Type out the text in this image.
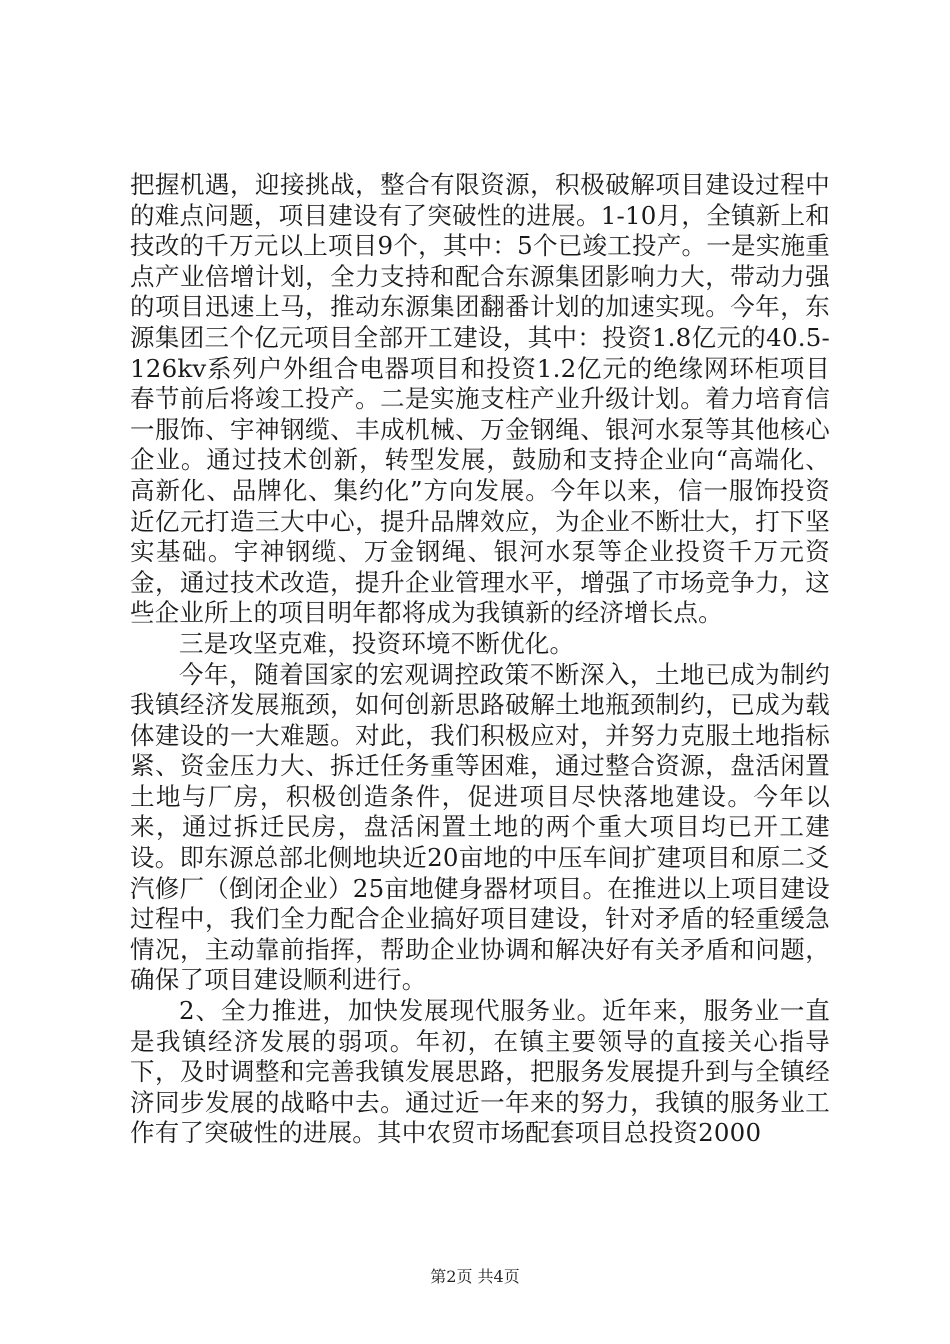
把握机遇，迎接挑战，整合有限资源，积极破解项目建设过程中的难点问题，项目建设有了突破性的进展。1-10月，全镇新上和技改的千万元以上项目9个，其中：5个已竣工投产。一是实施重点产业倍增计划，全力支持和配合东源集团影响力大，带动力强的项目迅速上马，推动东源集团翻番计划的加速实现。今年，东源集团三个亿元项目全部开工建设，其中：投资1.8亿元的40.5-126kv系列户外组合电器项目和投资1.2亿元的绝缘网环柜项目春节前后将竣工投产。二是实施支柱产业升级计划。着力培育信一服饰、宇神钢缆、丰成机械、万金钢绳、银河水泵等其他核心企业。通过技术创新，转型发展，鼓励和支持企业向“高端化、高新化、品牌化、集约化”方向发展。今年以来，信一服饰投资近亿元打造三大中心，提升品牌效应，为企业不断壮大，打下坚实基础。宇神钢缆、万金钢绳、银河水泵等企业投资千万元资金，通过技术改造，提升企业管理水平，增强了市场竞争力，这些企业所上的项目明年都将成为我镇新的经济增长点。

三是攻坚克难，投资环境不断优化。

今年，随着国家的宏观调控政策不断深入，土地已成为制约我镇经济发展瓶颈，如何创新思路破解土地瓶颈制约，已成为载体建设的一大难题。对此，我们积极应对，并努力克服土地指标紧、资金压力大、拆迁任务重等困难，通过整合资源，盘活闲置土地与厂房，积极创造条件，促进项目尽快落地建设。今年以来，通过拆迁民房，盘活闲置土地的两个重大项目均已开工建设。即东源总部北侧地块近20亩地的中压车间扩建项目和原二爻汽修厂（倒闭企业）25亩地健身器材项目。在推进以上项目建设过程中，我们全力配合企业搞好项目建设，针对矛盾的轻重缓急情况，主动靠前指挥，帮助企业协调和解决好有关矛盾和问题，确保了项目建设顺利进行。

2、全力推进，加快发展现代服务业。近年来，服务业一直是我镇经济发展的弱项。年初，在镇主要领导的直接关心指导下，及时调整和完善我镇发展思路，把服务发展提升到与全镇经济同步发展的战略中去。通过近一年来的努力，我镇的服务业工作有了突破性的进展。其中农贸市场配套项目总投资2000

第2页 共4页
